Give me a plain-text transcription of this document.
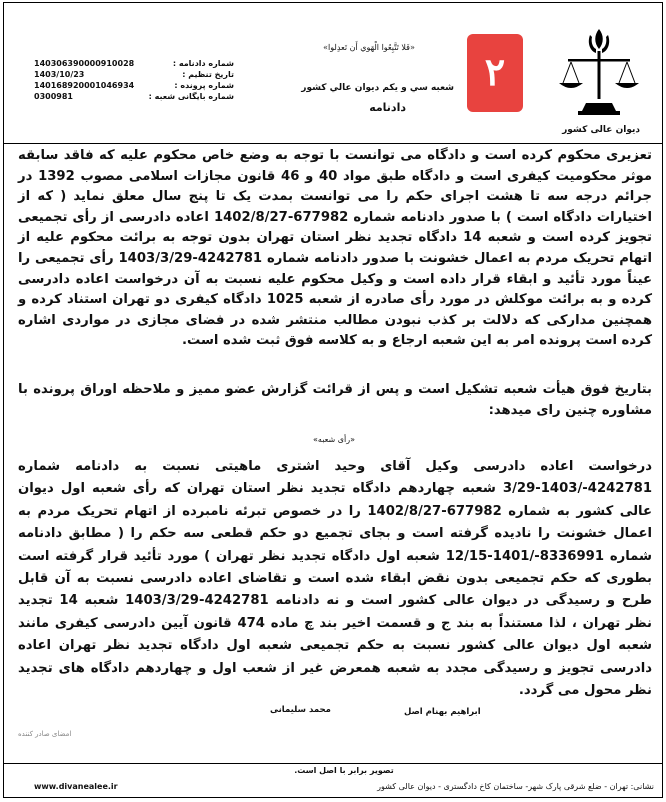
دیوان عالی کشور
۲
«فَلا تَتَّبِعُوا الْهَوي أَن تَعدِلوا»
شعبه سي و يكم ديوان عالي كشور
دادنامه
140306390000910028	شماره دادنامه :
1403/10/23	تاریخ تنظیم :
140168920001046934	شماره پرونده :
0300981	شماره بایگانی شعبه :

تعزیری محکوم کرده است و دادگاه می توانست با توجه به وضع خاص محکوم علیه که فاقد سابقه موثر محکومیت کیفری است و دادگاه طبق مواد 40 و 46 قانون مجازات اسلامی مصوب 1392 در جرائم درجه سه تا هشت اجرای حکم را می توانست بمدت یک تا پنج سال معلق نماید ( که از اختیارات دادگاه است ) با صدور دادنامه شماره 677982-1402/8/27 اعاده دادرسی از رأی تجمیعی تجویز کرده است و شعبه 14 دادگاه تجدید نظر استان تهران بدون توجه به برائت محکوم علیه از اتهام تحریک مردم به اعمال خشونت با صدور دادنامه شماره 4242781-1403/3/29 رأی تجمیعی را عیناً مورد تأئید و ابقاء قرار داده است و وکیل محکوم علیه نسبت به آن درخواست اعاده دادرسی کرده و به برائت موکلش در مورد رأی صادره از شعبه 1025 دادگاه کیفری دو تهران استناد کرده و همچنین مدارکی که دلالت بر کذب نبودن مطالب منتشر شده در فضای مجازی در مواردی اشاره کرده است پرونده امر به این شعبه ارجاع و به کلاسه فوق ثبت شده است.

بتاریخ فوق هیأت شعبه تشکیل است و پس از قرائت گزارش عضو ممیز و ملاحظه اوراق پرونده با مشاوره چنین رای میدهد:
«رأی شعبه»
درخواست اعاده دادرسی وکیل آقای وحید اشتری ماهیتی نسبت به دادنامه شماره 4242781-/1403-3/29 شعبه چهاردهم دادگاه تجدید نظر استان تهران که رأی شعبه اول دیوان عالی کشور به شماره 677982-1402/8/27 را در خصوص تبرئه نامبرده از اتهام تحریک مردم به اعمال خشونت را نادیده گرفته است و بجای تجمیع دو حکم قطعی سه حکم را ( مطابق دادنامه شماره 8336991-/1401-12/15 شعبه اول دادگاه تجدید نظر تهران ) مورد تأئید قرار گرفته است بطوری که حکم تجمیعی بدون نقض ابقاء شده است و تقاضای اعاده دادرسی نسبت به آن قابل طرح و رسیدگی در دیوان عالی کشور است و نه دادنامه 4242781-1403/3/29 شعبه 14 تجدید نظر تهران ، لذا مستنداً به بند ج و قسمت اخیر بند چ ماده 474 قانون آیین دادرسی کیفری مانند شعبه اول دیوان عالی کشور نسبت به حکم تجمیعی شعبه اول دادگاه تجدید نظر تهران اعاده دادرسی تجویز و رسیدگی مجدد به شعبه همعرض غیر از شعب اول و چهاردهم دادگاه های تجدید نظر محول می گردد.
ابراهیم بهنام اصل
محمد سلیمانی
امضای صادر کننده
تصویر برابر با اصل است.
نشانی: تهران - ضلع شرقی پارک شهر- ساختمان کاخ دادگستری - دیوان عالی کشور
www.divanealee.ir
